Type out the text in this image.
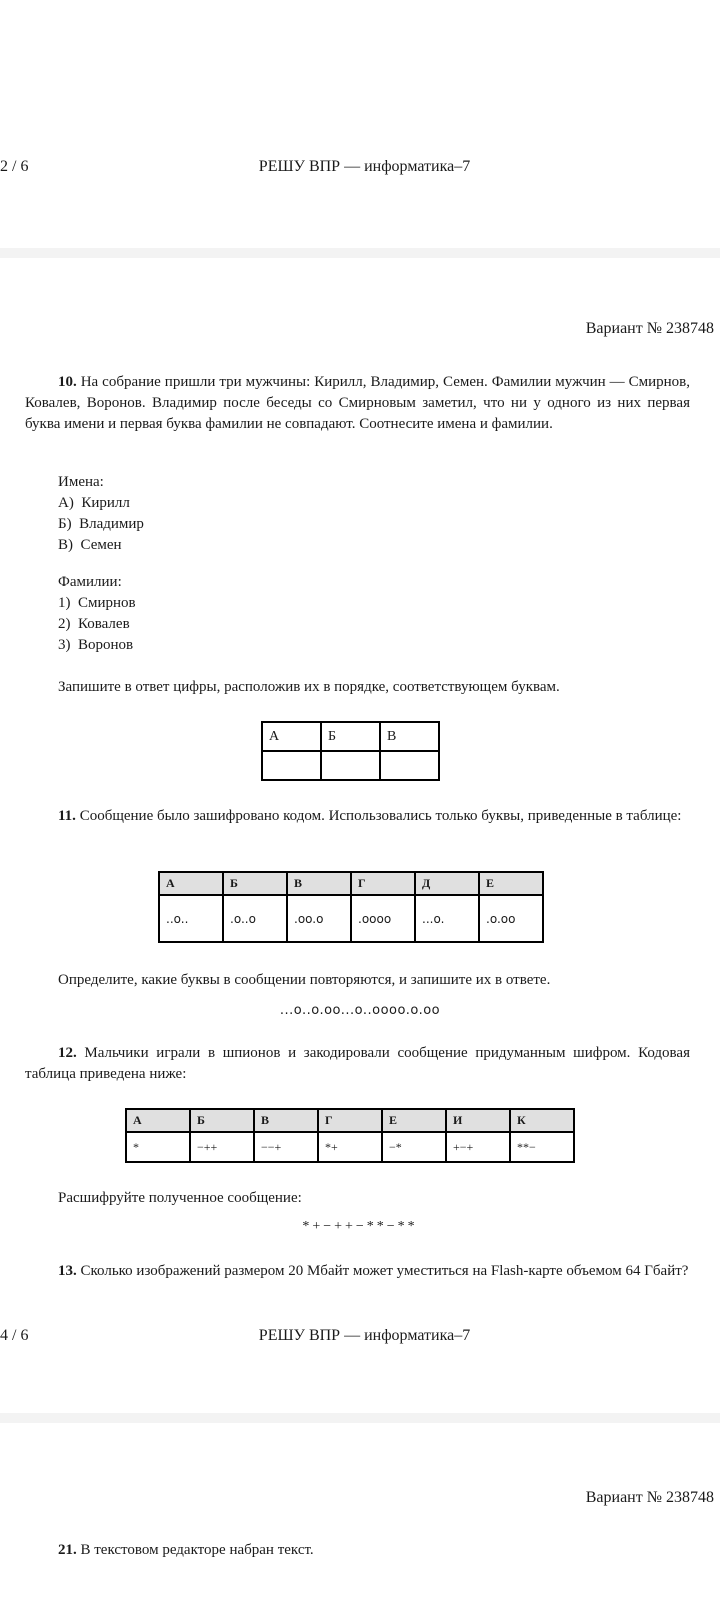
2 / 6	РЕШУ ВПР — информатика–7
Вариант № 238748
10. На собрание пришли три мужчины: Кирилл, Владимир, Семен. Фамилии мужчин — Смирнов, Ковалев, Воронов. Владимир после беседы со Смирновым заметил, что ни у одного из них первая буква имени и первая буква фамилии не совпадают. Соотнесите имена и фамилии.
Имена:
А)  Кирилл
Б)  Владимир
В)  Семен
Фамилии:
1)  Смирнов
2)  Ковалев
3)  Воронов
Запишите в ответ цифры, расположив их в порядке, соответствующем буквам.
А	Б	В

11. Сообщение было зашифровано кодом. Использовались только буквы, приведенные в таблице:
А	Б	В	Г	Д	Е
..o..	.o..o	.oo.o	.oooo	...o.	.o.oo
Определите, какие буквы в сообщении повторяются, и запишите их в ответе.
...o..o.oo...o..oooo.o.oo
12. Мальчики играли в шпионов и закодировали сообщение придуманным шифром. Кодовая таблица приведена ниже:
А	Б	В	Г	Е	И	К
*	−++	−−+	*+	−*	+−+	**−
Расшифруйте полученное сообщение:
*+−++−**−**
13. Сколько изображений размером 20 Мбайт может уместиться на Flash-карте объемом 64 Гбайт?
4 / 6	РЕШУ ВПР — информатика–7
Вариант № 238748
21. В текстовом редакторе набран текст.
